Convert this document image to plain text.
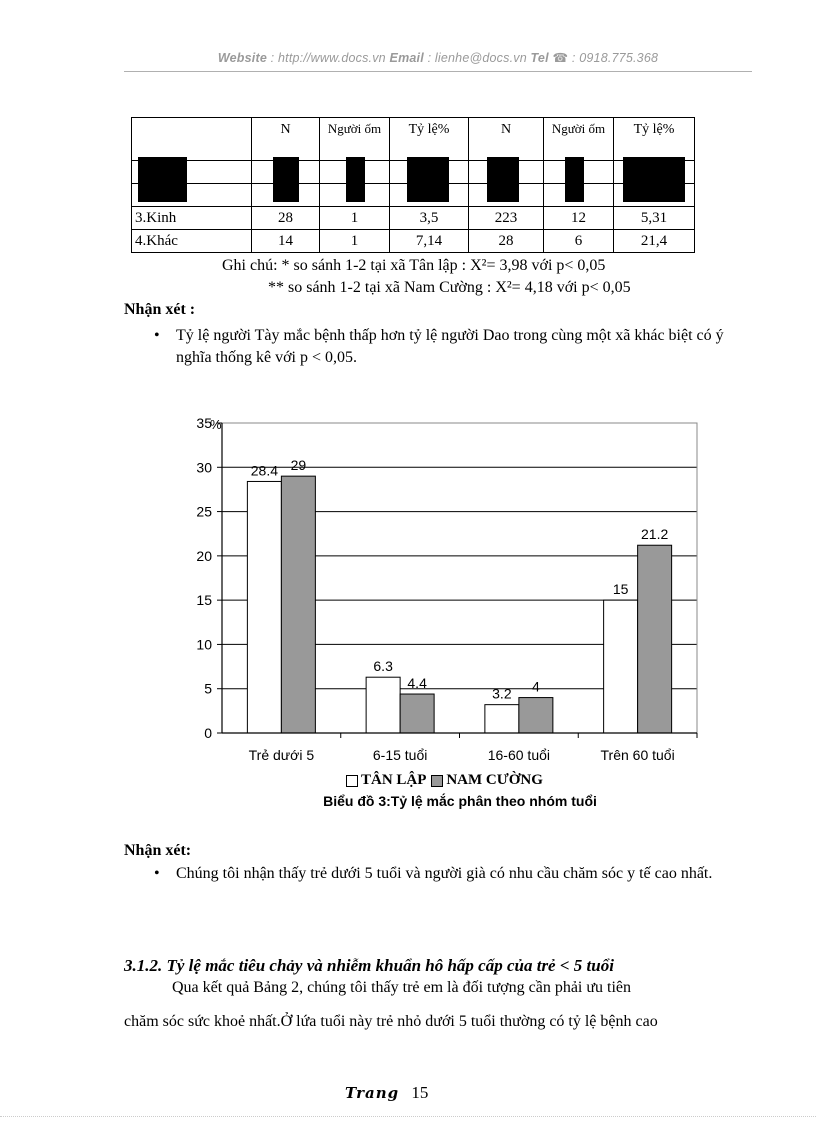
Website : http://www.docs.vn Email : lienhe@docs.vn Tel ☎ : 0918.775.368
	N	Người ốm	Tỷ lệ%	N	Người ốm	Tỷ lệ%

3.Kinh	28	1	3,5	223	12	5,31
4.Khác	14	1	7,14	28	6	21,4
Ghi chú: * so sánh 1-2 tại xã Tân lập : X²= 3,98 với p< 0,05
** so sánh 1-2 tại xã Nam Cường : X²= 4,18 với p< 0,05
Nhận xét :
• Tỷ lệ người Tày mắc bệnh thấp hơn tỷ lệ người Dao trong cùng một xã khác biệt có ý nghĩa thống kê với p < 0,05.
28.4 29
6.3
4.4
3.2 4
15
21.2
0
5
10
15
20
25
30
35
%
Trẻ dưới 5	6-15 tuổi	16-60 tuổi	Trên 60 tuổi
TÂN LẬP NAM CƯỜNG
Biểu đồ 3:Tỷ lệ mắc phân theo nhóm tuổi
Nhận xét:
• Chúng tôi nhận thấy trẻ dưới 5 tuổi và người già có nhu cầu chăm sóc y tế cao nhất.
3.1.2. Tỷ lệ mắc tiêu chảy và nhiễm khuẩn hô hấp cấp của trẻ < 5 tuổi
Qua kết quả Bảng 2, chúng tôi thấy trẻ em là đối tượng cần phải ưu tiên
chăm sóc sức khoẻ nhất.Ở lứa tuổi này trẻ nhỏ dưới 5 tuổi thường có tỷ lệ bệnh cao
Trang 15
